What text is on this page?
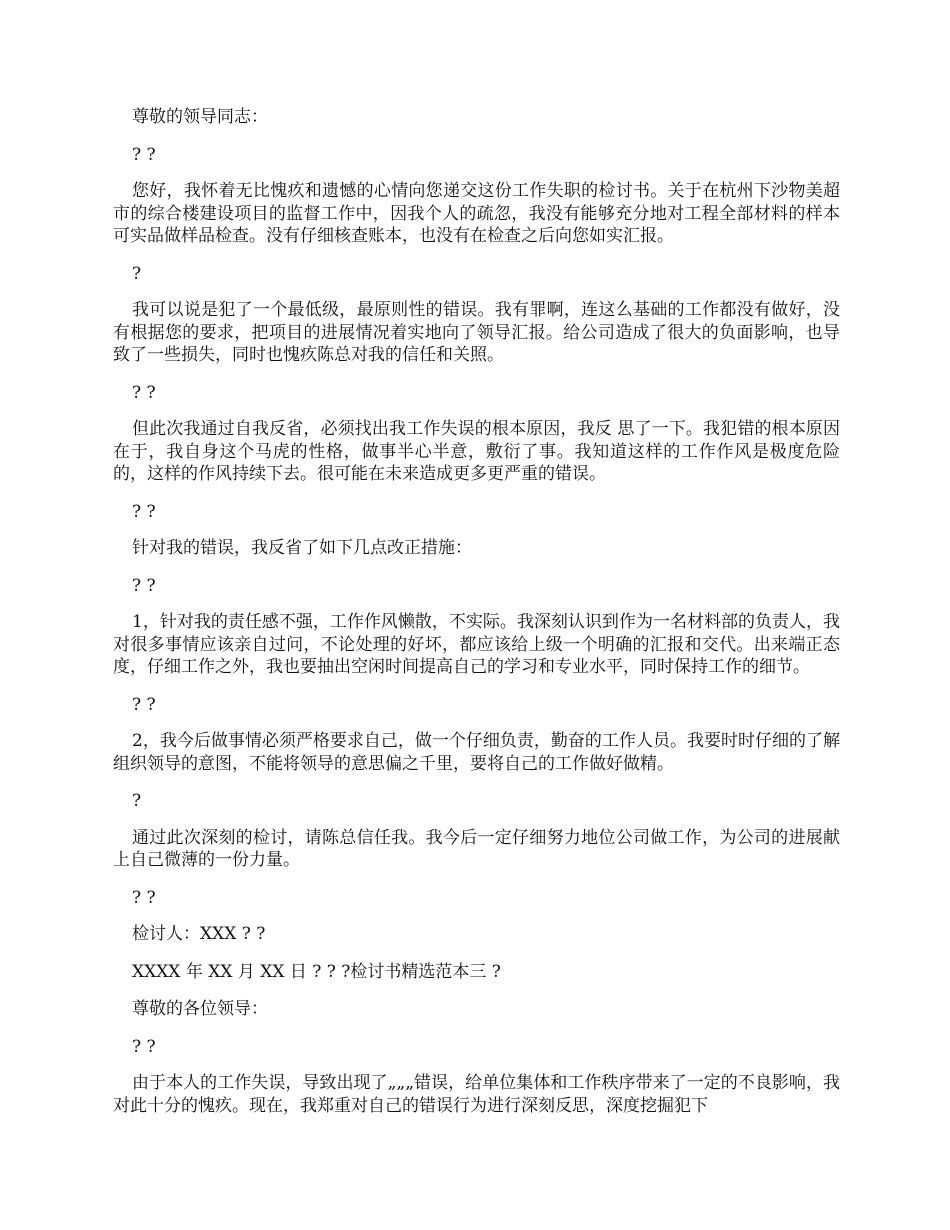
尊敬的领导同志：

? ?

您好，我怀着无比愧疚和遗憾的心情向您递交这份工作失职的检讨书。关于在杭州下沙物美超市的综合楼建设项目的监督工作中，因我个人的疏忽，我没有能够充分地对工程全部材料的样本可实品做样品检查。没有仔细核查账本，也没有在检查之后向您如实汇报。

?

我可以说是犯了一个最低级，最原则性的错误。我有罪啊，连这么基础的工作都没有做好，没有根据您的要求，把项目的进展情况着实地向了领导汇报。给公司造成了很大的负面影响，也导致了一些损失，同时也愧疚陈总对我的信任和关照。

? ?

但此次我通过自我反省，必须找出我工作失误的根本原因，我反 思了一下。我犯错的根本原因在于，我自身这个马虎的性格，做事半心半意，敷衍了事。我知道这样的工作作风是极度危险的，这样的作风持续下去。很可能在未来造成更多更严重的错误。

? ?

针对我的错误，我反省了如下几点改正措施：

? ?

1，针对我的责任感不强，工作作风懒散，不实际。我深刻认识到作为一名材料部的负责人，我对很多事情应该亲自过问，不论处理的好坏，都应该给上级一个明确的汇报和交代。出来端正态度，仔细工作之外，我也要抽出空闲时间提高自己的学习和专业水平，同时保持工作的细节。

? ?

2，我今后做事情必须严格要求自己，做一个仔细负责，勤奋的工作人员。我要时时仔细的了解组织领导的意图，不能将领导的意思偏之千里，要将自己的工作做好做精。

?

通过此次深刻的检讨，请陈总信任我。我今后一定仔细努力地位公司做工作，为公司的进展献上自己微薄的一份力量。

? ?

检讨人：XXX ? ?

XXXX 年 XX 月 XX 日 ? ? ?检讨书精选范本三 ?

尊敬的各位领导：

? ?

由于本人的工作失误，导致出现了„„„错误，给单位集体和工作秩序带来了一定的不良影响，我对此十分的愧疚。现在，我郑重对自己的错误行为进行深刻反思，深度挖掘犯下
